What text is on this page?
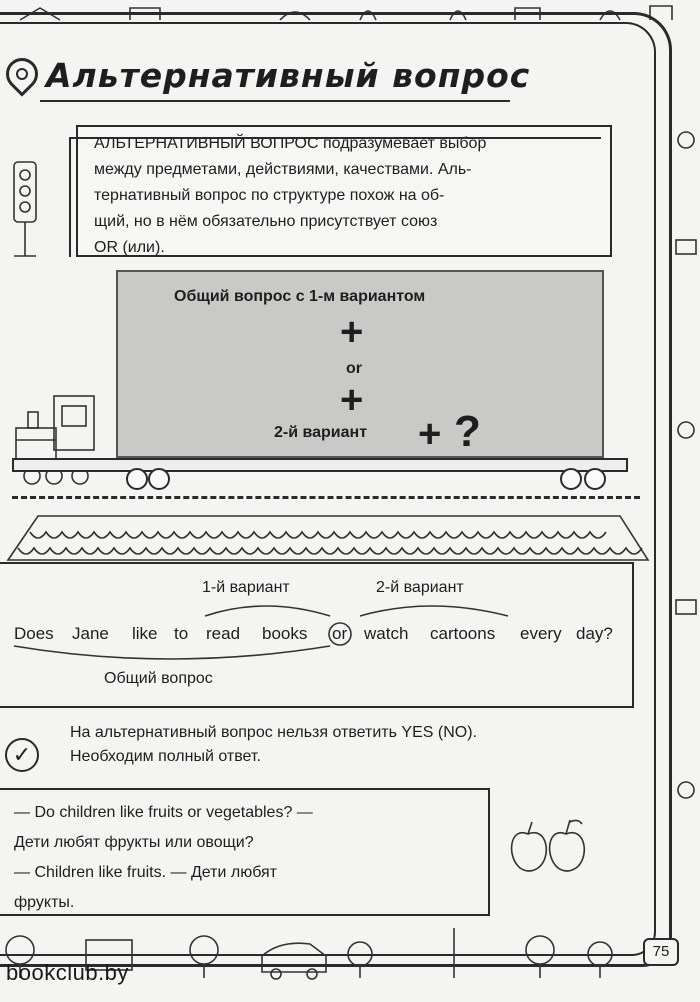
Альтернативный вопрос
АЛЬТЕРНАТИВНЫЙ ВОПРОС подразумевает выбор
между предметами, действиями, качествами. Аль-
тернативный вопрос по структуре похож на об-
щий, но в нём обязательно присутствует союз
OR (или).
Общий вопрос с 1-м вариантом
+
or
+
2-й вариант + ?
1-й вариант	2-й вариант
Does Jane like to read books or watch cartoons every day?
Общий вопрос
✓
На альтернативный вопрос нельзя ответить YES (NO).
Необходим полный ответ.
— Do children like fruits or vegetables? —
Дети любят фрукты или овощи?
— Children like fruits. — Дети любят
фрукты.
75
bookclub.by
